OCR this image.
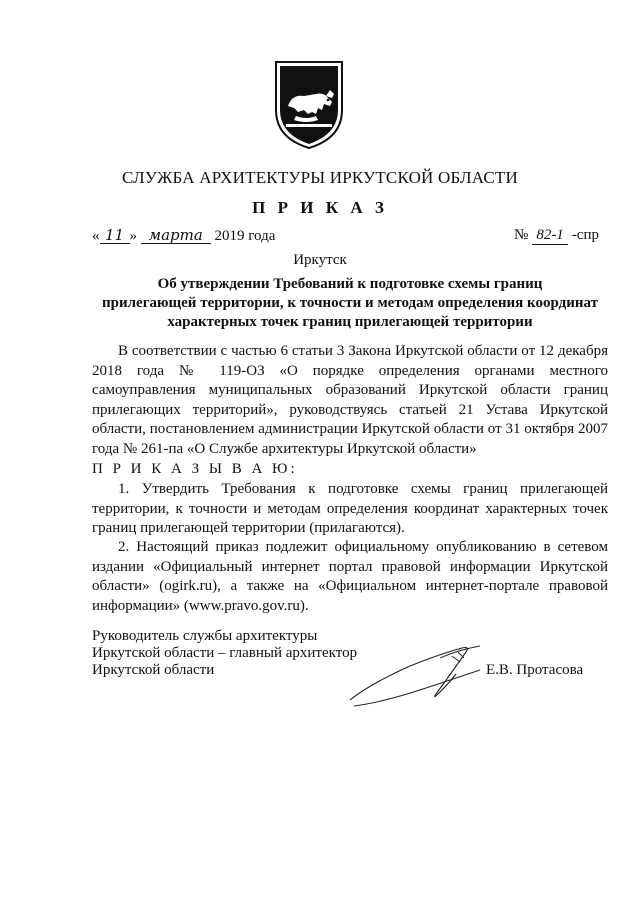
СЛУЖБА АРХИТЕКТУРЫ ИРКУТСКОЙ ОБЛАСТИ
П Р И К А З
« 11 » марта 2019 года	№ 82-1 -спр
Иркутск
Об утверждении Требований к подготовке схемы границ
прилегающей территории, к точности и методам определения координат
характерных точек границ прилегающей территории
В соответствии с частью 6 статьи 3 Закона Иркутской области от 12 декабря 2018 года № 119-ОЗ «О порядке определения органами местного самоуправления муниципальных образований Иркутской области границ прилегающих территорий», руководствуясь статьей 21 Устава Иркутской области, постановлением администрации Иркутской области от 31 октября 2007 года № 261-па «О Службе архитектуры Иркутской области»
П Р И К А З Ы В А Ю:
1. Утвердить Требования к подготовке схемы границ прилегающей территории, к точности и методам определения координат характерных точек границ прилегающей территории (прилагаются).
2. Настоящий приказ подлежит официальному опубликованию в сетевом издании «Официальный интернет портал правовой информации Иркутской области» (ogirk.ru), а также на «Официальном интернет-портале правовой информации» (www.pravo.gov.ru).
Руководитель службы архитектуры
Иркутской области – главный архитектор
Иркутской области	Е.В. Протасова
